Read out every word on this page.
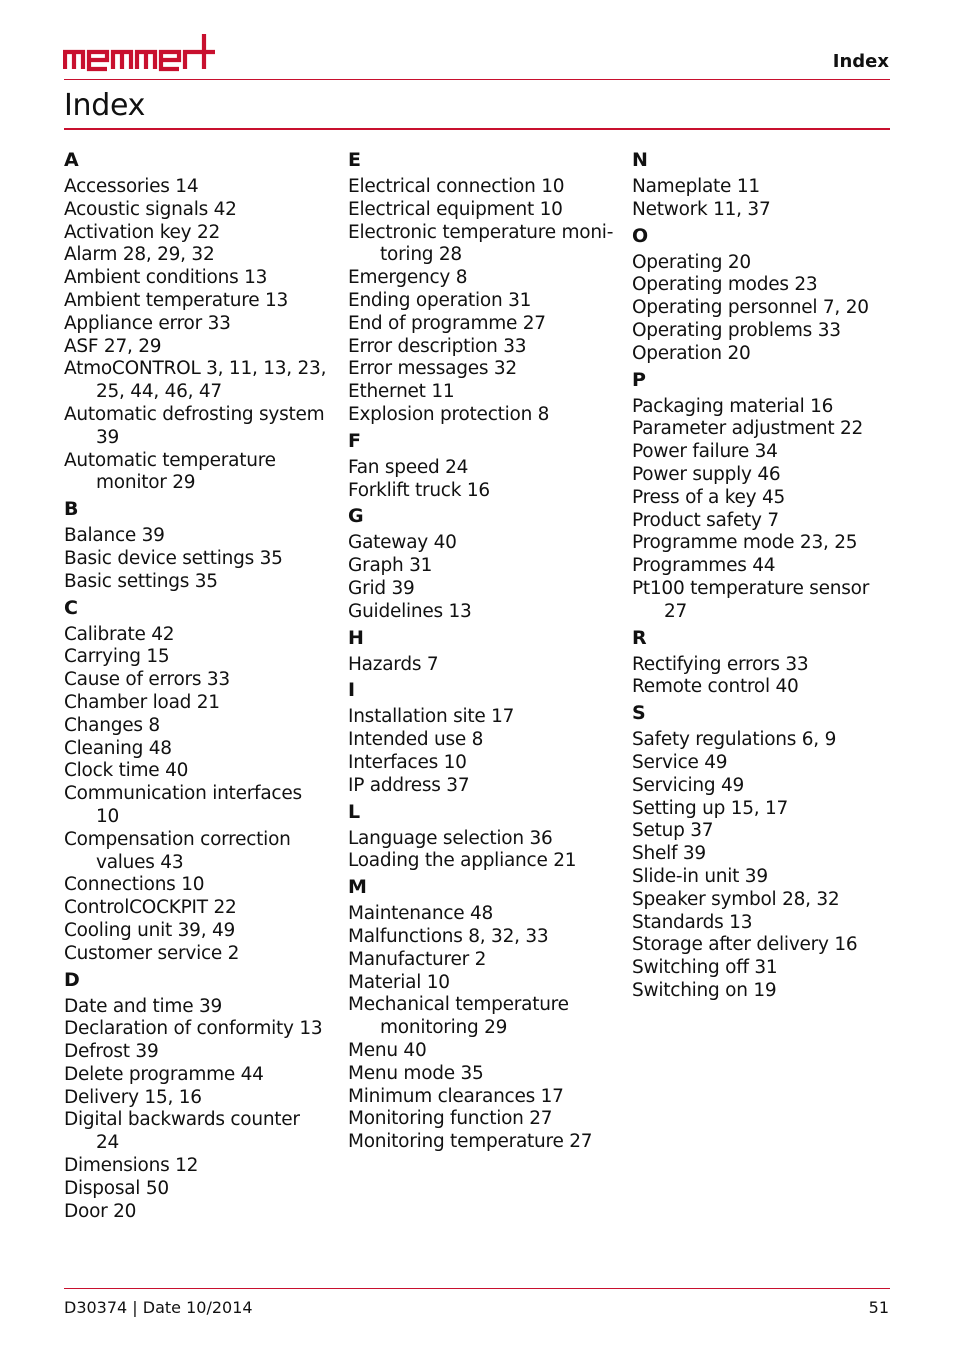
Index
Index
A
Accessories 14
Acoustic signals 42
Activation key 22
Alarm 28, 29, 32
Ambient conditions 13
Ambient temperature 13
Appliance error 33
ASF 27, 29
AtmoCONTROL 3, 11, 13, 23,
25, 44, 46, 47
Automatic defrosting system
39
Automatic temperature
monitor 29
B
Balance 39
Basic device settings 35
Basic settings 35
C
Calibrate 42
Carrying 15
Cause of errors 33
Chamber load 21
Changes 8
Cleaning 48
Clock time 40
Communication interfaces
10
Compensation correction
values 43
Connections 10
ControlCOCKPIT 22
Cooling unit 39, 49
Customer service 2
D
Date and time 39
Declaration of conformity 13
Defrost 39
Delete programme 44
Delivery 15, 16
Digital backwards counter
24
Dimensions 12
Disposal 50
Door 20
E
Electrical connection 10
Electrical equipment 10
Electronic temperature moni-
toring 28
Emergency 8
Ending operation 31
End of programme 27
Error description 33
Error messages 32
Ethernet 11
Explosion protection 8
F
Fan speed 24
Forklift truck 16
G
Gateway 40
Graph 31
Grid 39
Guidelines 13
H
Hazards 7
I
Installation site 17
Intended use 8
Interfaces 10
IP address 37
L
Language selection 36
Loading the appliance 21
M
Maintenance 48
Malfunctions 8, 32, 33
Manufacturer 2
Material 10
Mechanical temperature
monitoring 29
Menu 40
Menu mode 35
Minimum clearances 17
Monitoring function 27
Monitoring temperature 27
N
Nameplate 11
Network 11, 37
O
Operating 20
Operating modes 23
Operating personnel 7, 20
Operating problems 33
Operation 20
P
Packaging material 16
Parameter adjustment 22
Power failure 34
Power supply 46
Press of a key 45
Product safety 7
Programme mode 23, 25
Programmes 44
Pt100 temperature sensor
27
R
Rectifying errors 33
Remote control 40
S
Safety regulations 6, 9
Service 49
Servicing 49
Setting up 15, 17
Setup 37
Shelf 39
Slide-in unit 39
Speaker symbol 28, 32
Standards 13
Storage after delivery 16
Switching off 31
Switching on 19
D30374 | Date 10/2014	51
